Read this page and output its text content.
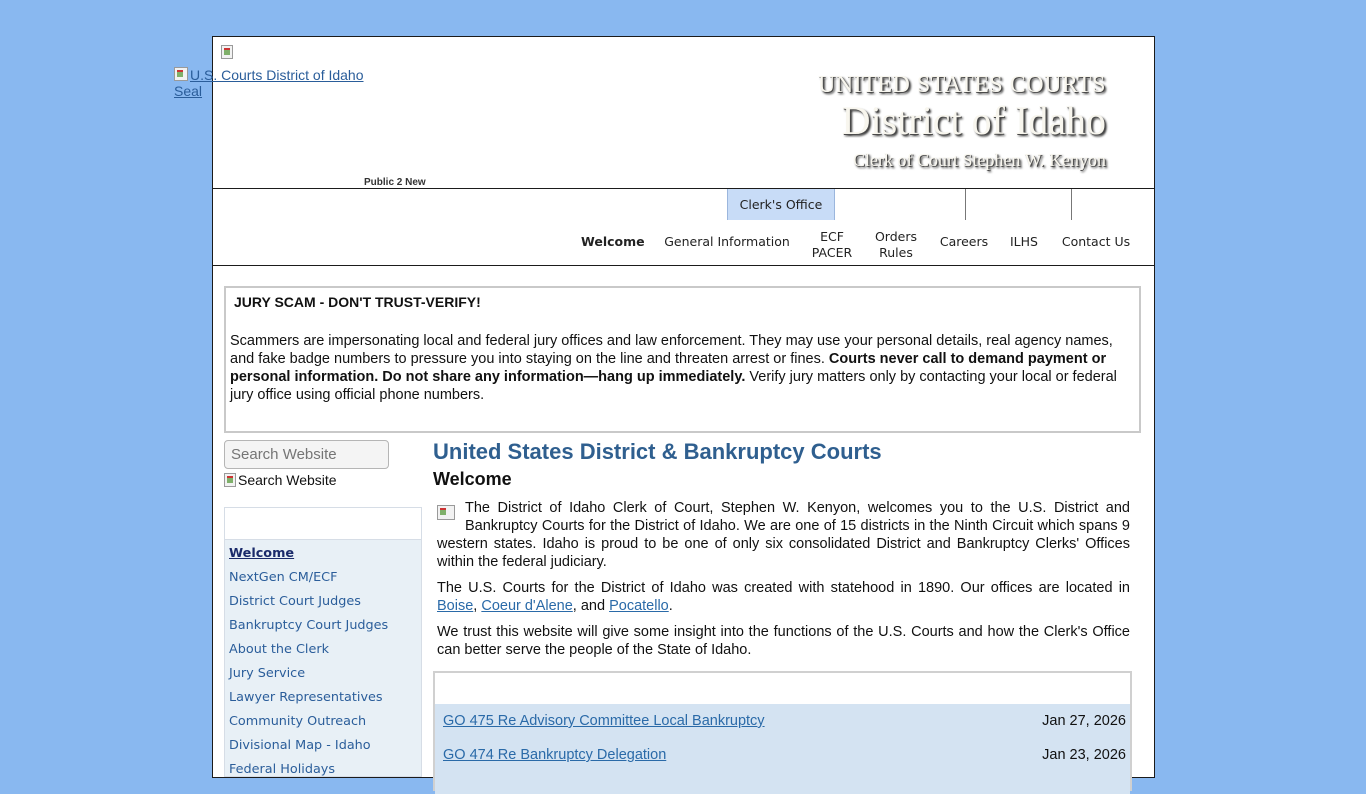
Public 2 New
UNITED STATES COURTS
District of Idaho
Clerk of Court Stephen W. Kenyon
Clerk's Office
Welcome General Information	ECF
PACER
Orders
Rules
Careers	ILHS	Contact Us
JURY SCAM - DON'T TRUST-VERIFY!
Scammers are impersonating local and federal jury offices and law enforcement. They may use your personal details, real agency names, and fake badge numbers to pressure you into staying on the line and threaten arrest or fines. Courts never call to demand payment or personal information. Do not share any information—hang up immediately. Verify jury matters only by contacting your local or federal jury office using official phone numbers.
Search Website
Search Website
Welcome
NextGen CM/ECF
District Court Judges
Bankruptcy Court Judges
About the Clerk
Jury Service
Lawyer Representatives
Community Outreach
Divisional Map - Idaho
Federal Holidays
United States District & Bankruptcy Courts
Welcome

The District of Idaho Clerk of Court, Stephen W. Kenyon, welcomes you to the U.S. District and Bankruptcy Courts for the District of Idaho. We are one of 15 districts in the Ninth Circuit which spans 9 western states. Idaho is proud to be one of only six consolidated District and Bankruptcy Clerks' Offices within the federal judiciary.

The U.S. Courts for the District of Idaho was created with statehood in 1890. Our offices are located in Boise, Coeur d'Alene, and Pocatello.

We trust this website will give some insight into the functions of the U.S. Courts and how the Clerk's Office can better serve the people of the State of Idaho.

GO 475 Re Advisory Committee Local Bankruptcy	Jan 27, 2026
GO 474 Re Bankruptcy Delegation	Jan 23, 2026
U.S. Courts District of Idaho Seal
